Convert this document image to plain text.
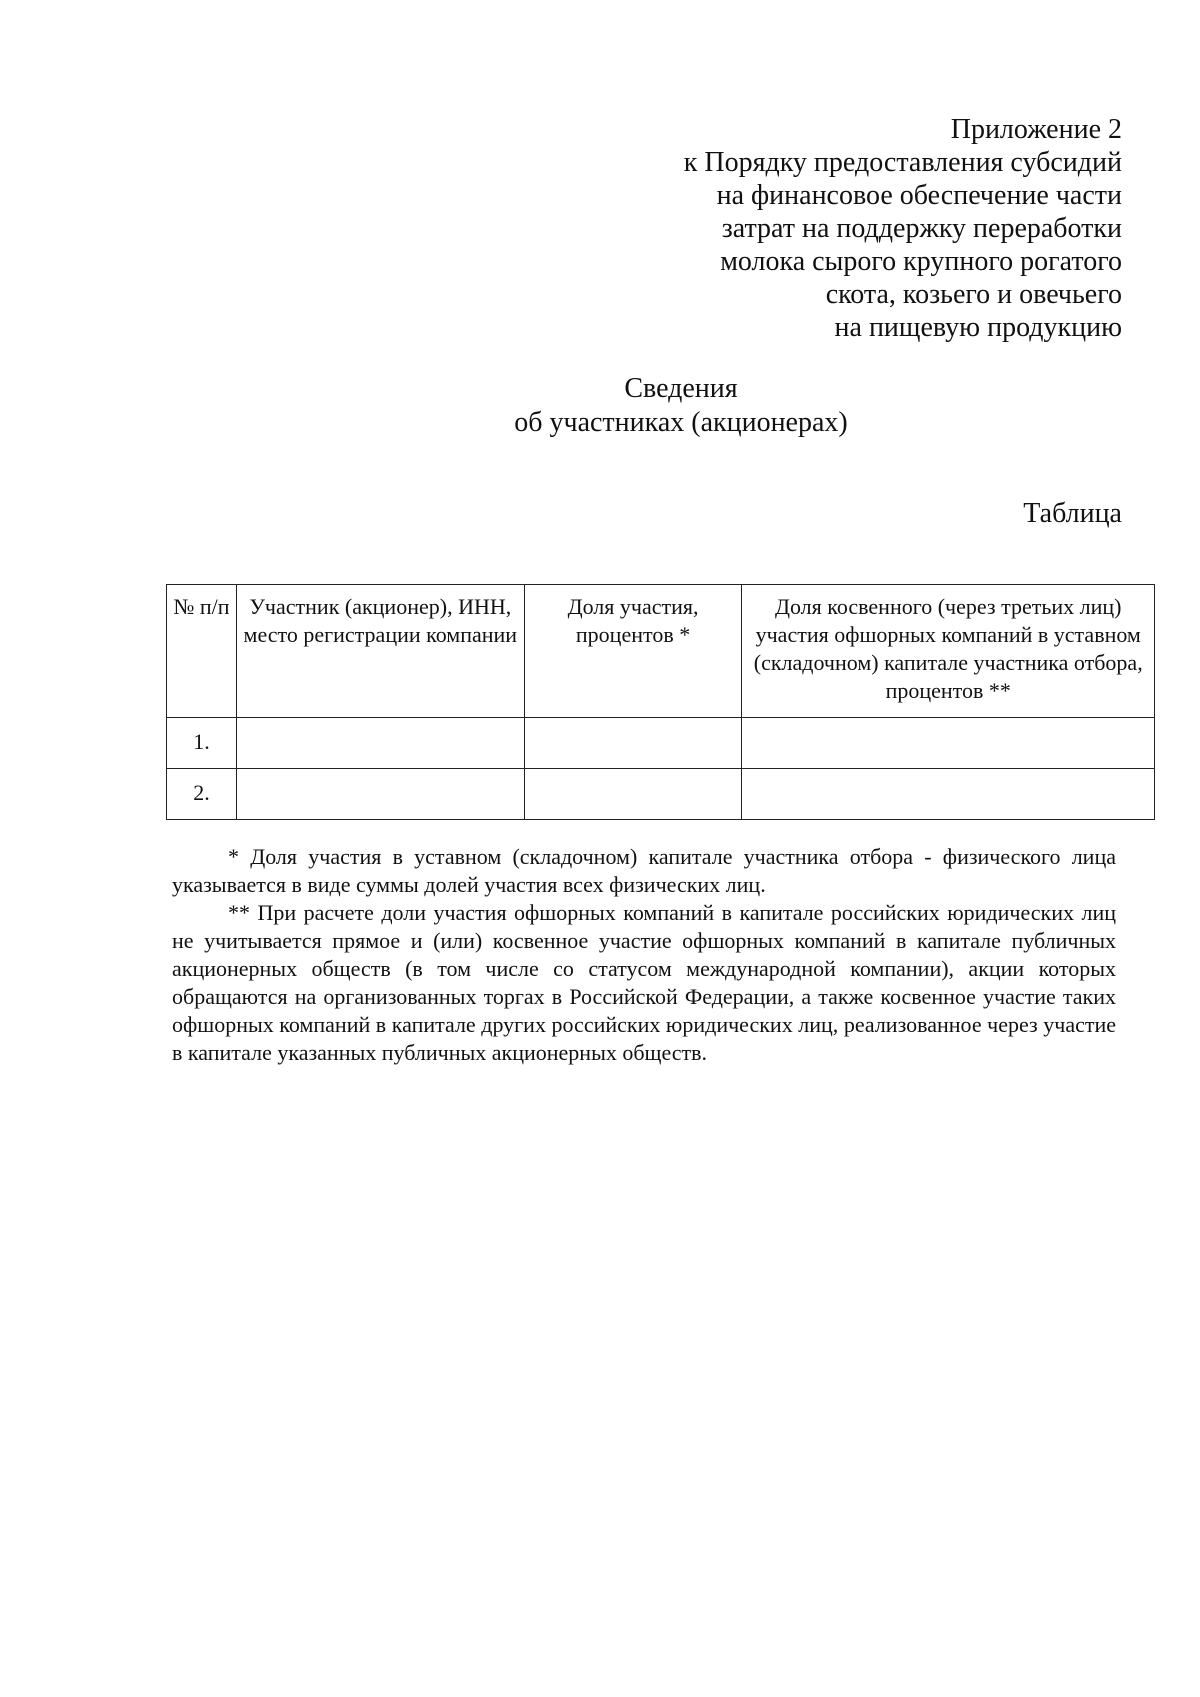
Приложение 2
к Порядку предоставления субсидий
на финансовое обеспечение части
затрат на поддержку переработки
молока сырого крупного рогатого
скота, козьего и овечьего
на пищевую продукцию
Сведения
об участниках (акционерах)
Таблица
№ п/п	Участник (акционер), ИНН, место регистрации компании	Доля участия, процентов *	Доля косвенного (через третьих лиц) участия офшорных компаний в уставном (складочном) капитале участника отбора, процентов **
1.			
2.			

* Доля участия в уставном (складочном) капитале участника отбора - физического лица указывается в виде суммы долей участия всех физических лиц.

** При расчете доли участия офшорных компаний в капитале российских юридических лиц не учитывается прямое и (или) косвенное участие офшорных компаний в капитале публичных акционерных обществ (в том числе со статусом международной компании), акции которых обращаются на организованных торгах в Российской Федерации, а также косвенное участие таких офшорных компаний в капитале других российских юридических лиц, реализованное через участие в капитале указанных публичных акционерных обществ.
